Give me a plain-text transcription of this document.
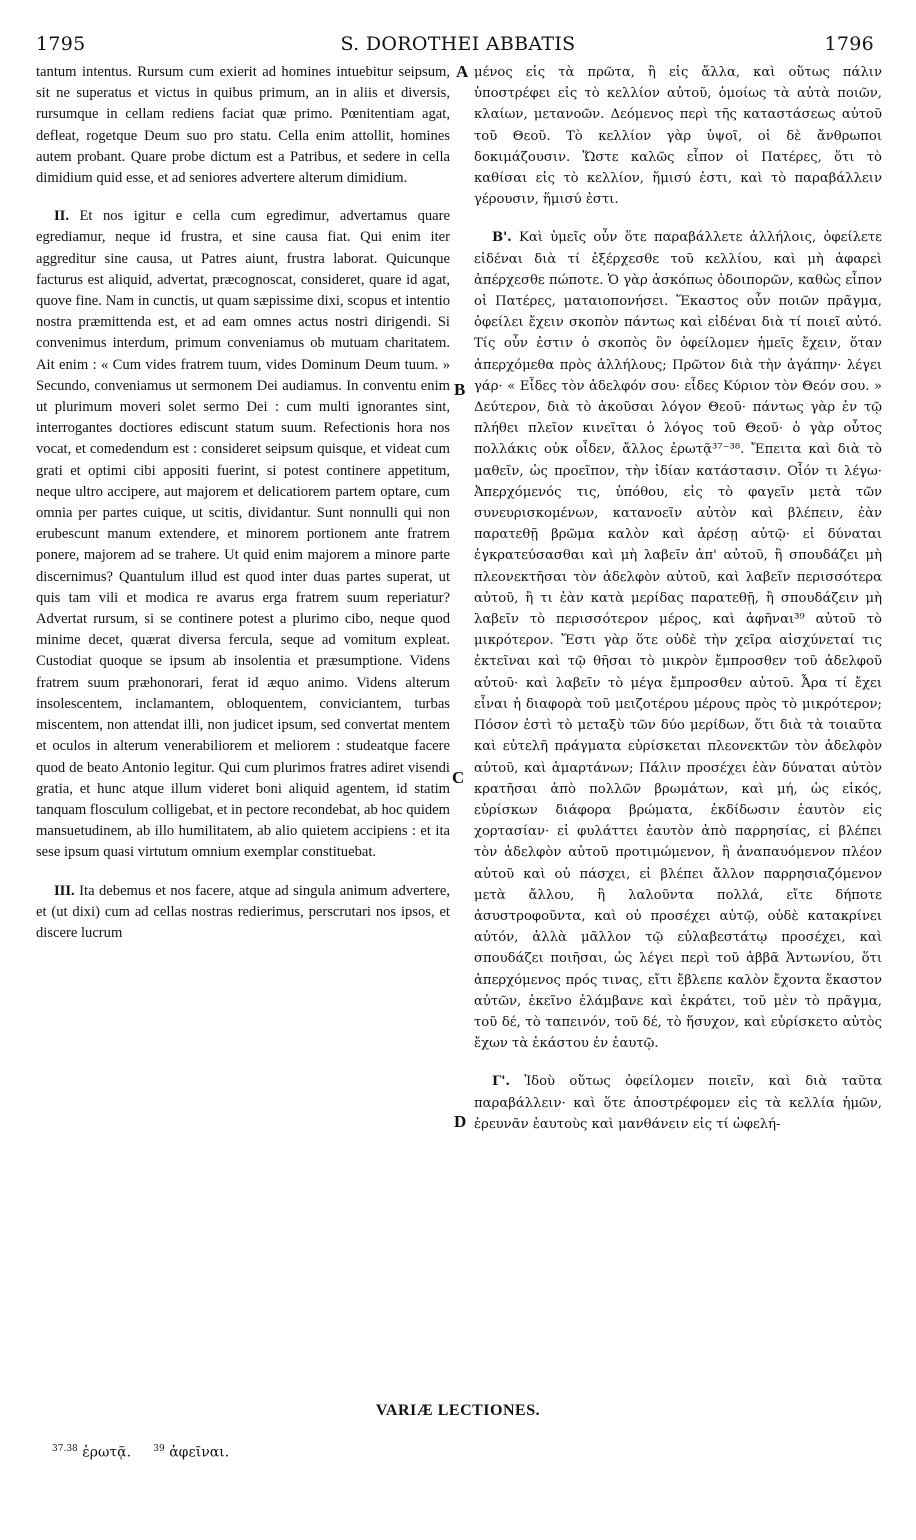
1795	S. DOROTHEI ABBATIS	1796

tantum intentus. Rursum cum exierit ad homines intuebitur seipsum, sit ne superatus et victus in quibus primum, an in aliis et diversis, rursumque in cellam rediens faciat quæ primo. Pœnitentiam agat, defleat, rogetque Deum suo pro statu. Cella enim attollit, homines autem probant. Quare probe dictum est a Patribus, et sedere in cella dimidium quid esse, et ad seniores advertere alterum dimidium.

II. Et nos igitur e cella cum egredimur, advertamus quare egrediamur, neque id frustra, et sine causa fiat. Qui enim iter aggreditur sine causa, ut Patres aiunt, frustra laborat. Quicunque facturus est aliquid, advertat, præcognoscat, consideret, quare id agat, quove fine. Nam in cunctis, ut quam sæpissime dixi, scopus et intentio nostra præmittenda est, et ad eam omnes actus nostri dirigendi. Si convenimus interdum, primum conveniamus ob mutuam charitatem. Ait enim : « Cum vides fratrem tuum, vides Dominum Deum tuum. » Secundo, conveniamus ut sermonem Dei audiamus. In conventu enim ut plurimum moveri solet sermo Dei : cum multi ignorantes sint, interrogantes doctiores ediscunt statum suum. Refectionis hora nos vocat, et comedendum est : consideret seipsum quisque, et videat cum grati et optimi cibi appositi fuerint, si potest continere appetitum, neque ultro accipere, aut majorem et delicatiorem partem optare, cum omnia per partes cuique, ut scitis, dividantur. Sunt nonnulli qui non erubescunt manum extendere, et minorem portionem ante fratrem ponere, majorem ad se trahere. Ut quid enim majorem a minore parte discernimus? Quantulum illud est quod inter duas partes superat, ut quis tam vili et modica re avarus erga fratrem suum reperiatur? Advertat rursum, si se continere potest a plurimo cibo, neque quod minime decet, quærat diversa fercula, seque ad vomitum expleat. Custodiat quoque se ipsum ab insolentia et præsumptione. Videns fratrem suum præhonorari, ferat id æquo animo. Videns alterum insolescentem, inclamantem, obloquentem, conviciantem, turbas miscentem, non attendat illi, non judicet ipsum, sed convertat mentem et oculos in alterum venerabiliorem et meliorem : studeatque facere quod de beato Antonio legitur. Qui cum plurimos fratres adiret visendi gratia, et hunc atque illum videret boni aliquid agentem, id statim tanquam flosculum colligebat, et in pectore recondebat, ab hoc quidem mansuetudinem, ab illo humilitatem, ab alio quietem accipiens : et ita sese ipsum quasi virtutum omnium exemplar constituebat.

III. Ita debemus et nos facere, atque ad singula animum advertere, et (ut dixi) cum ad cellas nostras redierimus, perscrutari nos ipsos, et discere lucrum

A
B
C
D

μένος εἰς τὰ πρῶτα, ἢ εἰς ἄλλα, καὶ οὕτως πάλιν ὑποστρέφει εἰς τὸ κελλίον αὐτοῦ, ὁμοίως τὰ αὐτὰ ποιῶν, κλαίων, μετανοῶν. Δεόμενος περὶ τῆς καταστάσεως αὐτοῦ τοῦ Θεοῦ. Τὸ κελλίον γὰρ ὑψοῖ, οἱ δὲ ἄνθρωποι δοκιμάζουσιν. Ὥστε καλῶς εἶπον οἱ Πατέρες, ὅτι τὸ καθίσαι εἰς τὸ κελλίον, ἥμισύ ἐστι, καὶ τὸ παραβάλλειν γέρουσιν, ἥμισύ ἐστι.

Β'. Καὶ ὑμεῖς οὖν ὅτε παραβάλλετε ἀλλήλοις, ὀφείλετε εἰδέναι διὰ τί ἐξέρχεσθε τοῦ κελλίου, καὶ μὴ ἀφαρεὶ ἀπέρχεσθε πώποτε. Ὁ γὰρ ἀσκόπως ὁδοιπορῶν, καθὼς εἶπον οἱ Πατέρες, ματαιοπονήσει. Ἕκαστος οὖν ποιῶν πρᾶγμα, ὀφείλει ἔχειν σκοπὸν πάντως καὶ εἰδέναι διὰ τί ποιεῖ αὐτό. Τίς οὖν ἐστιν ὁ σκοπὸς ὃν ὀφείλομεν ἡμεῖς ἔχειν, ὅταν ἀπερχόμεθα πρὸς ἀλλήλους; Πρῶτον διὰ τὴν ἀγάπην· λέγει γάρ· « Εἶδες τὸν ἀδελφόν σου· εἶδες Κύριον τὸν Θεόν σου. » Δεύτερον, διὰ τὸ ἀκοῦσαι λόγον Θεοῦ· πάντως γὰρ ἐν τῷ πλήθει πλεῖον κινεῖται ὁ λόγος τοῦ Θεοῦ· ὁ γὰρ οὗτος πολλάκις οὐκ οἶδεν, ἄλλος ἐρωτᾷ³⁷⁻³⁸. Ἔπειτα καὶ διὰ τὸ μαθεῖν, ὡς προεῖπον, τὴν ἰδίαν κατάστασιν. Οἷόν τι λέγω· Ἀπερχόμενός τις, ὑπόθου, εἰς τὸ φαγεῖν μετὰ τῶν συνευρισκομένων, κατανοεῖν αὐτὸν καὶ βλέπειν, ἐὰν παρατεθῇ βρῶμα καλὸν καὶ ἀρέσῃ αὐτῷ· εἰ δύναται ἐγκρατεύσασθαι καὶ μὴ λαβεῖν ἀπ' αὐτοῦ, ἢ σπουδάζει μὴ πλεονεκτῆσαι τὸν ἀδελφὸν αὐτοῦ, καὶ λαβεῖν περισσότερα αὐτοῦ, ἢ τι ἐὰν κατὰ μερίδας παρατεθῇ, ἢ σπουδάζειν μὴ λαβεῖν τὸ περισσότερον μέρος, καὶ ἀφῆναι³⁹ αὐτοῦ τὸ μικρότερον. Ἔστι γὰρ ὅτε οὐδὲ τὴν χεῖρα αἰσχύνεταί τις ἐκτεῖναι καὶ τῷ θῆσαι τὸ μικρὸν ἔμπροσθεν τοῦ ἀδελφοῦ αὐτοῦ· καὶ λαβεῖν τὸ μέγα ἔμπροσθεν αὐτοῦ. Ἆρα τί ἔχει εἶναι ἡ διαφορὰ τοῦ μειζοτέρου μέρους πρὸς τὸ μικρότερον; Πόσον ἐστὶ τὸ μεταξὺ τῶν δύο μερίδων, ὅτι διὰ τὰ τοιαῦτα καὶ εὐτελῆ πράγματα εὑρίσκεται πλεονεκτῶν τὸν ἀδελφὸν αὐτοῦ, καὶ ἁμαρτάνων; Πάλιν προσέχει ἐὰν δύναται αὐτὸν κρατῆσαι ἀπὸ πολλῶν βρωμάτων, καὶ μή, ὡς εἰκός, εὑρίσκων διάφορα βρώματα, ἐκδίδωσιν ἑαυτὸν εἰς χορτασίαν· εἰ φυλάττει ἑαυτὸν ἀπὸ παρρησίας, εἰ βλέπει τὸν ἀδελφὸν αὐτοῦ προτιμώμενον, ἢ ἀναπαυόμενον πλέον αὐτοῦ καὶ οὐ πάσχει, εἰ βλέπει ἄλλον παρρησιαζόμενον μετὰ ἄλλου, ἢ λαλοῦντα πολλά, εἴτε δήποτε ἀσυστροφοῦντα, καὶ οὐ προσέχει αὐτῷ, οὐδὲ κατακρίνει αὐτόν, ἀλλὰ μᾶλλον τῷ εὐλαβεστάτῳ προσέχει, καὶ σπουδάζει ποιῆσαι, ὡς λέγει περὶ τοῦ ἀββᾶ Ἀντωνίου, ὅτι ἀπερχόμενος πρός τινας, εἴτι ἔβλεπε καλὸν ἔχοντα ἕκαστον αὐτῶν, ἐκεῖνο ἐλάμβανε καὶ ἐκράτει, τοῦ μὲν τὸ πρᾶγμα, τοῦ δέ, τὸ ταπεινόν, τοῦ δέ, τὸ ἥσυχον, καὶ εὑρίσκετο αὐτὸς ἔχων τὰ ἑκάστου ἐν ἑαυτῷ.

Γ'. Ἰδοὺ οὕτως ὀφείλομεν ποιεῖν, καὶ διὰ ταῦτα παραβάλλειν· καὶ ὅτε ἀποστρέφομεν εἰς τὰ κελλία ἡμῶν, ἐρευνᾶν ἑαυτοὺς καὶ μανθάνειν εἰς τί ὠφελή-

VARIÆ LECTIONES.
$^{37.38}$ ἐρωτᾷ. $^{39}$ ἀφεῖναι.
